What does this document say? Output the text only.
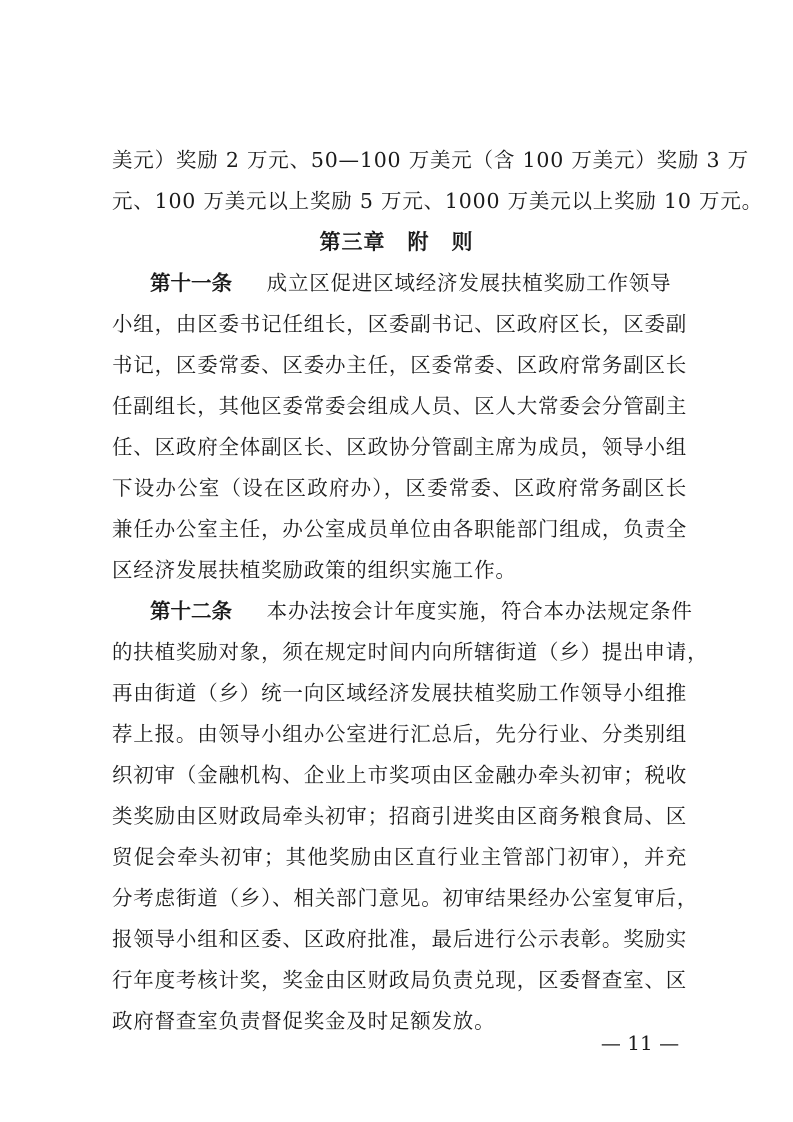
美元）奖励 2 万元、50—100 万美元（含 100 万美元）奖励 3 万
元、100 万美元以上奖励 5 万元、1000 万美元以上奖励 10 万元。
第三章　附　则
第十一条 成立区促进区域经济发展扶植奖励工作领导
小组，由区委书记任组长，区委副书记、区政府区长，区委副
书记，区委常委、区委办主任，区委常委、区政府常务副区长
任副组长，其他区委常委会组成人员、区人大常委会分管副主
任、区政府全体副区长、区政协分管副主席为成员，领导小组
下设办公室（设在区政府办），区委常委、区政府常务副区长
兼任办公室主任，办公室成员单位由各职能部门组成，负责全
区经济发展扶植奖励政策的组织实施工作。
第十二条 本办法按会计年度实施，符合本办法规定条件
的扶植奖励对象，须在规定时间内向所辖街道（乡）提出申请，
再由街道（乡）统一向区域经济发展扶植奖励工作领导小组推
荐上报。由领导小组办公室进行汇总后，先分行业、分类别组
织初审（金融机构、企业上市奖项由区金融办牵头初审；税收
类奖励由区财政局牵头初审；招商引进奖由区商务粮食局、区
贸促会牵头初审；其他奖励由区直行业主管部门初审），并充
分考虑街道（乡）、相关部门意见。初审结果经办公室复审后，
报领导小组和区委、区政府批准，最后进行公示表彰。奖励实
行年度考核计奖，奖金由区财政局负责兑现，区委督查室、区
政府督查室负责督促奖金及时足额发放。
— 11 —
